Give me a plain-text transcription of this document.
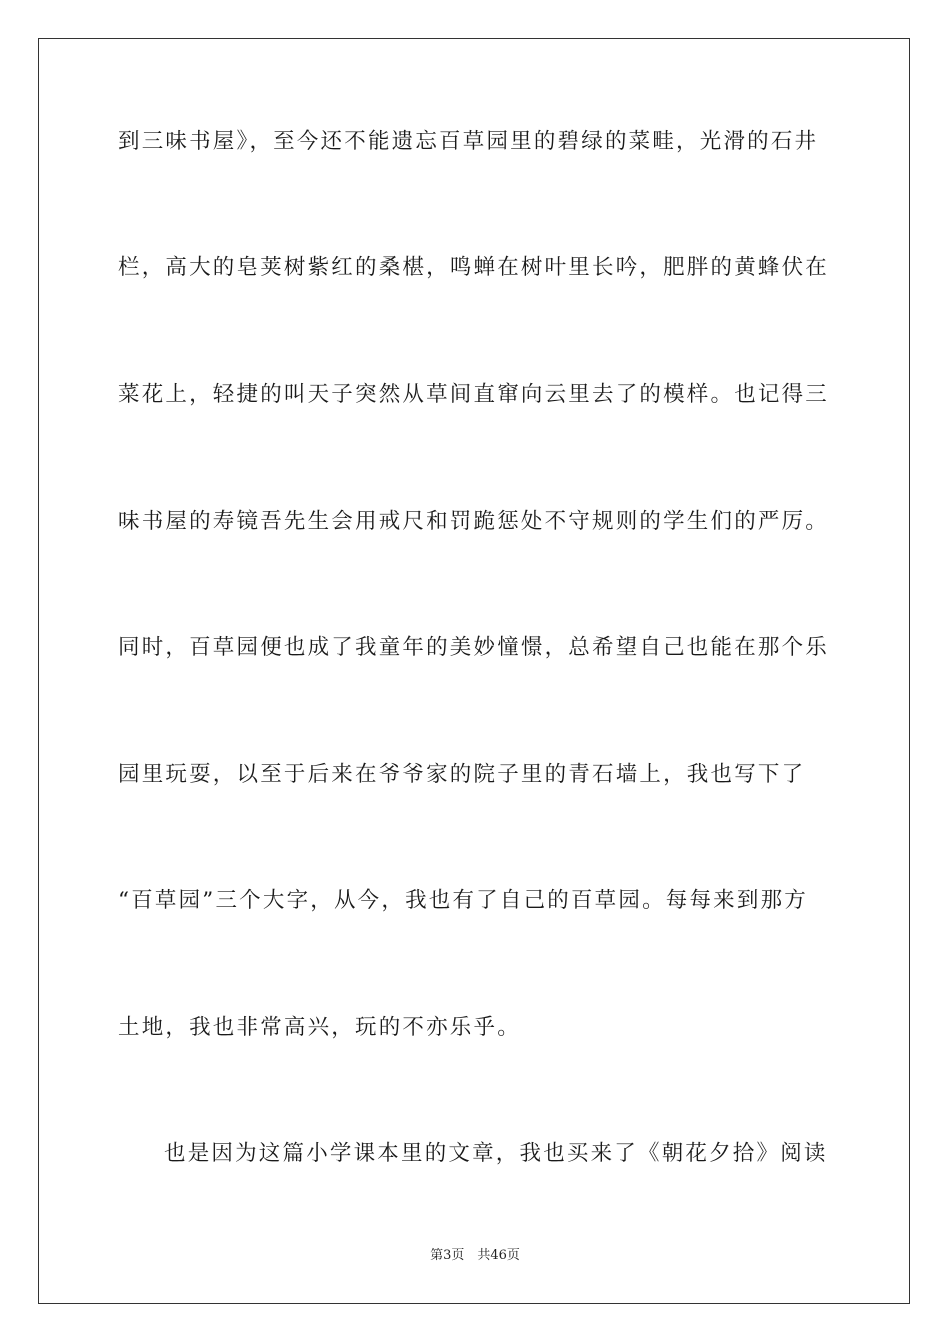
到三味书屋》，至今还不能遗忘百草园里的碧绿的菜畦，光滑的石井
栏，高大的皂荚树紫红的桑椹，鸣蝉在树叶里长吟，肥胖的黄蜂伏在
菜花上，轻捷的叫天子突然从草间直窜向云里去了的模样。也记得三
味书屋的寿镜吾先生会用戒尺和罚跪惩处不守规则的学生们的严厉。
同时，百草园便也成了我童年的美妙憧憬，总希望自己也能在那个乐
园里玩耍，以至于后来在爷爷家的院子里的青石墙上，我也写下了
“百草园”三个大字，从今，我也有了自己的百草园。每每来到那方
土地，我也非常高兴，玩的不亦乐乎。
也是因为这篇小学课本里的文章，我也买来了《朝花夕拾》阅读
第3页　共46页
